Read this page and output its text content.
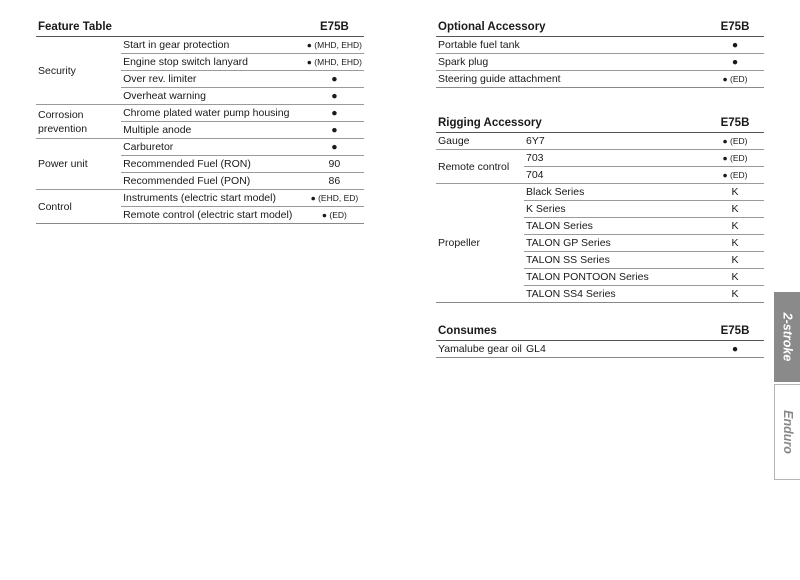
Feature Table		E75B
Security	Start in gear protection	● (MHD, EHD)
	Engine stop switch lanyard	● (MHD, EHD)
	Over rev. limiter	●
	Overheat warning	●
Corrosion
prevention	Chrome plated water pump housing	●
	Multiple anode	●
Power unit	Carburetor	●
	Recommended Fuel (RON)	90
	Recommended Fuel (PON)	86
Control	Instruments (electric start model)	● (EHD, ED)
	Remote control (electric start model)	● (ED)
Optional Accessory	E75B
Portable fuel tank	●
Spark plug	●
Steering guide attachment	● (ED)
Rigging Accessory		E75B
Gauge	6Y7	● (ED)
Remote control	703	● (ED)
	704	● (ED)
Propeller	Black Series	K
	K Series	K
	TALON Series	K
	TALON GP Series	K
	TALON SS Series	K
	TALON PONTOON Series	K
	TALON SS4 Series	K
Consumes		E75B
Yamalube gear oil	GL4	●	2-stroke
Enduro
